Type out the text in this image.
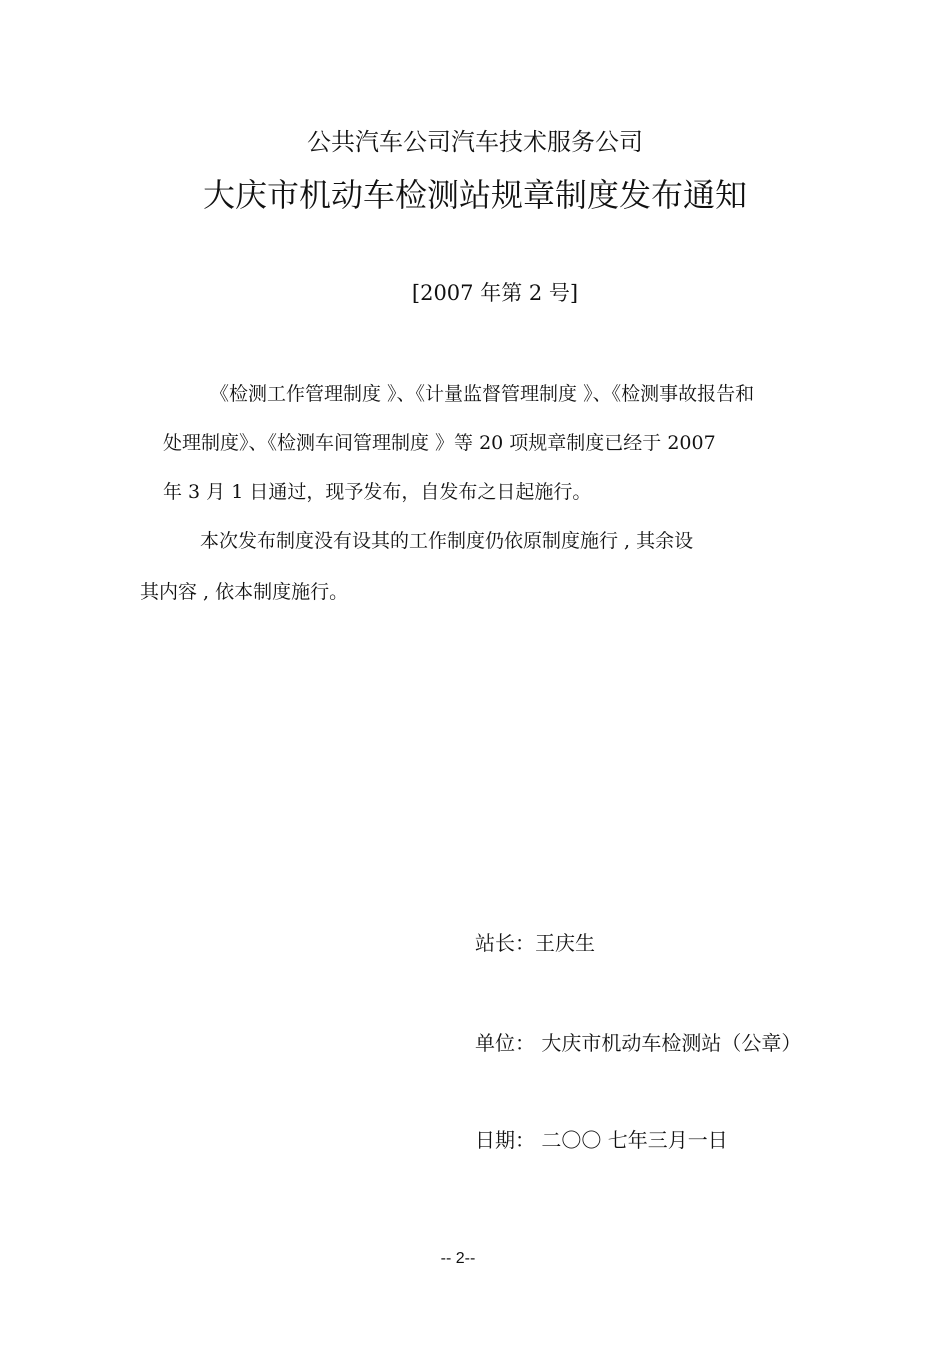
公共汽车公司汽车技术服务公司
大庆市机动车检测站规章制度发布通知
[2007 年第 2 号]
《检测工作管理制度 》、《计量监督管理制度 》、《检测事故报告和
处理制度》、《检测车间管理制度 》等 20 项规章制度已经于 2007
年 3 月 1 日通过，现予发布，自发布之日起施行。
本次发布制度没有设其的工作制度仍依原制度施行 , 其余设
其内容 , 依本制度施行。
站长：王庆生
单位： 大庆市机动车检测站（公章）
日期： 二〇〇 七年三月一日
-- 2--
